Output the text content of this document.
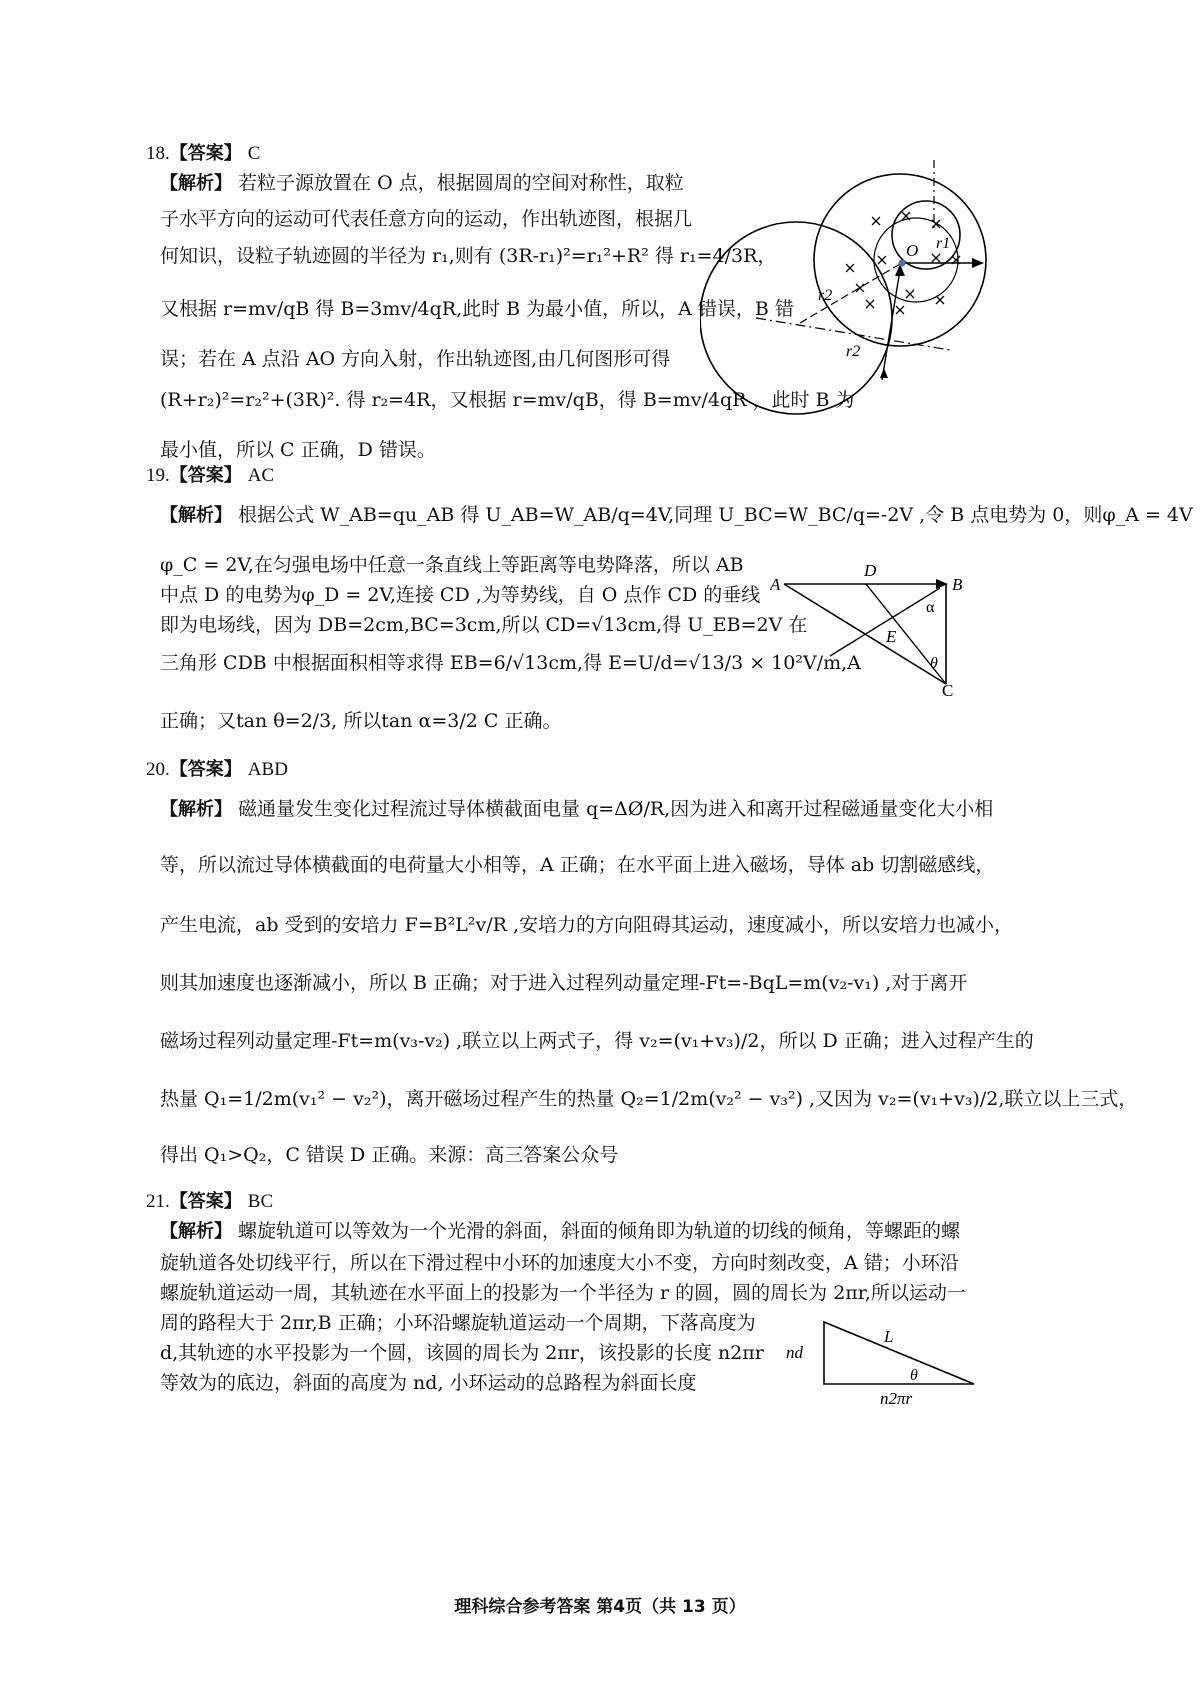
18.【答案】 C
【解析】 若粒子源放置在 O 点，根据圆周的空间对称性，取粒
子水平方向的运动可代表任意方向的运动，作出轨迹图，根据几
何知识，设粒子轨迹圆的半径为 r₁,则有 (3R-r₁)²=r₁²+R² 得 r₁=4/3R，
又根据 r=mv/qB 得 B=3mv/4qR,此时 B 为最小值，所以，A 错误，B 错
误；若在 A 点沿 AO 方向入射，作出轨迹图,由几何图形可得
(R+r₂)²=r₂²+(3R)². 得 r₂=4R，又根据 r=mv/qB，得 B=mv/4qR ，此时 B 为
最小值，所以 C 正确，D 错误。
r1
r2
r2
O
19.【答案】 AC
【解析】 根据公式 W_AB=qu_AB 得 U_AB=W_AB/q=4V,同理 U_BC=W_BC/q=-2V ,令 B 点电势为 0，则φ_A = 4V
φ_C = 2V,在匀强电场中任意一条直线上等距离等电势降落，所以 AB
中点 D 的电势为φ_D = 2V,连接 CD ,为等势线，自 O 点作 CD 的垂线
即为电场线，因为 DB=2cm,BC=3cm,所以 CD=√13cm,得 U_EB=2V 在
三角形 CDB 中根据面积相等求得 EB=6/√13cm,得 E=U/d=√13/3 × 10²V/m,A
正确；又tan θ=2/3, 所以tan α=3/2 C 正确。
A
D
B
α
E
θ
C
20.【答案】 ABD
【解析】 磁通量发生变化过程流过导体横截面电量 q=ΔØ/R,因为进入和离开过程磁通量变化大小相
等，所以流过导体横截面的电荷量大小相等，A 正确；在水平面上进入磁场，导体 ab 切割磁感线，
产生电流，ab 受到的安培力 F=B²L²v/R ,安培力的方向阻碍其运动，速度减小，所以安培力也减小，
则其加速度也逐渐减小，所以 B 正确；对于进入过程列动量定理-Ft=-BqL=m(v₂-v₁) ,对于离开
磁场过程列动量定理-Ft=m(v₃-v₂) ,联立以上两式子，得 v₂=(v₁+v₃)/2，所以 D 正确；进入过程产生的
热量 Q₁=1/2m(v₁² − v₂²)，离开磁场过程产生的热量 Q₂=1/2m(v₂² − v₃²) ,又因为 v₂=(v₁+v₃)/2,联立以上三式，
得出 Q₁>Q₂，C 错误 D 正确。来源：高三答案公众号
21.【答案】 BC
【解析】 螺旋轨道可以等效为一个光滑的斜面，斜面的倾角即为轨道的切线的倾角，等螺距的螺
旋轨道各处切线平行，所以在下滑过程中小环的加速度大小不变，方向时刻改变，A 错；小环沿
螺旋轨道运动一周，其轨迹在水平面上的投影为一个半径为 r 的圆，圆的周长为 2πr,所以运动一
周的路程大于 2πr,B 正确；小环沿螺旋轨道运动一个周期，下落高度为
d,其轨迹的水平投影为一个圆，该圆的周长为 2πr，该投影的长度 n2πr
等效为的底边，斜面的高度为 nd, 小环运动的总路程为斜面长度
L
nd
θ
n2πr
理科综合参考答案 第4页（共 13 页）
